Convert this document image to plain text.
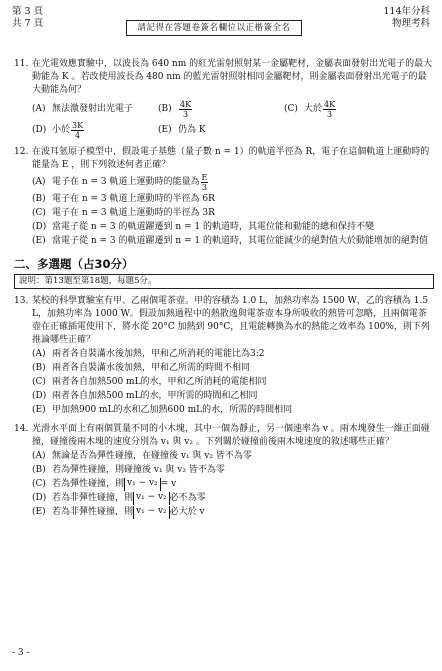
第 3 頁
共 7 頁	請記得在答題卷簽名欄位以正楷簽全名
114年分科
物理考科
11. 在光電效應實驗中，以波長為 640 nm 的紅光雷射照射某一金屬靶材，金屬表面發射出光電子的最大動能為 K 。若改使用波長為 480 nm 的藍光雷射照射相同金屬靶材，則金屬表面發射出光電子的最大動能為何？
(A) 無法激發射出光電子	$(B) \frac{4K}{3}$	(C) 大於 $\frac{4K}{3}$
(D) 小於 $\frac{3K}{4}$	(E) 仍為 K
12. 在波耳氫原子模型中，假設電子基態（量子數 n = 1）的軌道半徑為 R，電子在這個軌道上運動時的能量為 E ，則下列敘述何者正確？
(A) 電子在 n = 3 軌道上運動時的能量為 $\frac{E}{3}$
(B) 電子在 n = 3 軌道上運動時的半徑為 6R
(C) 電子在 n = 3 軌道上運動時的半徑為 3R
(D) 當電子從 n = 3 的軌道躍遷到 n = 1 的軌道時，其電位能和動能的總和保持不變
(E) 當電子從 n = 3 的軌道躍遷到 n = 1 的軌道時，其電位能減少的絕對值大於動能增加的絕對值
二、多選題（占30分）
說明：第13題至第18題，每題5分。
13. 某校的科學實驗室有甲、乙兩個電茶壺。甲的容積為 1.0 L，加熱功率為 1500 W，乙的容積為 1.5 L，加熱功率為 1000 W。假設加熱過程中的熱散逸與電茶壺本身所吸收的熱皆可忽略，且兩個電茶壺在正確插電使用下，將水從 20°C 加熱到 90°C，且電能轉換為水的熱能之效率為 100%，則下列推論哪些正確？
(A) 兩者各自裝滿水後加熱，甲和乙所消耗的電能比為3:2
(B) 兩者各自裝滿水後加熱，甲和乙所需的時間不相同
(C) 兩者各自加熱500 mL的水，甲和乙所消耗的電能相同
(D) 兩者各自加熱500 mL的水，甲所需的時間和乙相同
(E) 甲加熱900 mL的水和乙加熱600 mL的水，所需的時間相同
14. 光滑水平面上有兩個質量不同的小木塊，其中一個為靜止，另一個速率為 v 。兩木塊發生一維正面碰撞，碰撞後兩木塊的速度分別為 v₁ 與 v₂ 。下列關於碰撞前後兩木塊速度的敘述哪些正確？
(A) 無論是否為彈性碰撞，在碰撞後 v₁ 與 v₂ 皆不為零
(B) 若為彈性碰撞，則碰撞後 v₁ 與 v₂ 皆不為零
(C) 若為彈性碰撞，則 v₁ − v₂ = v
(D) 若為非彈性碰撞，則 v₁ − v₂ 必不為零
(E) 若為非彈性碰撞，則 v₁ − v₂ 必大於 v
- 3 -
